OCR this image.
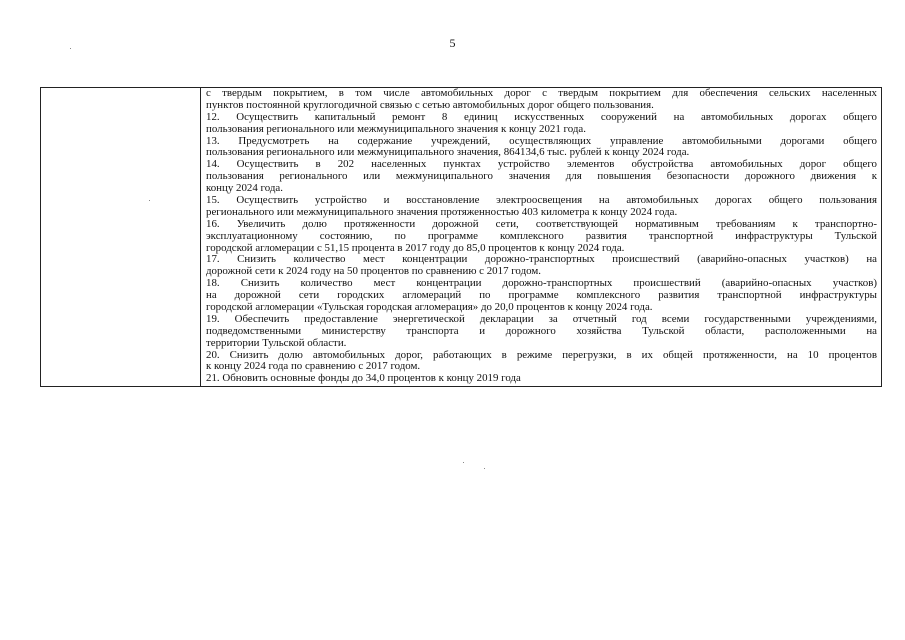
5

с твердым покрытием, в том числе автомобильных дорог с твердым покрытием для обеспечения сельских населенных
пунктов постоянной круглогодичной связью с сетью автомобильных дорог общего пользования.
12. Осуществить капитальный ремонт 8 единиц искусственных сооружений на автомобильных дорогах общего
пользования регионального или межмуниципального значения к концу 2021 года.
13. Предусмотреть на содержание учреждений, осуществляющих управление автомобильными дорогами общего
пользования регионального или межмуниципального значения, 864134,6 тыс. рублей к концу 2024 года.
14. Осуществить в 202 населенных пунктах устройство элементов обустройства автомобильных дорог общего
пользования регионального или межмуниципального значения для повышения безопасности дорожного движения к
концу 2024 года.
15. Осуществить устройство и восстановление электроосвещения на автомобильных дорогах общего пользования
регионального или межмуниципального значения протяженностью 403 километра к концу 2024 года.
16. Увеличить долю протяженности дорожной сети, соответствующей нормативным требованиям к транспортно-
эксплуатационному состоянию, по программе комплексного развития транспортной инфраструктуры Тульской
городской агломерации с 51,15 процента в 2017 году до 85,0 процентов к концу 2024 года.
17. Снизить количество мест концентрации дорожно-транспортных происшествий (аварийно-опасных участков) на
дорожной сети к 2024 году на 50 процентов по сравнению с 2017 годом.
18. Снизить количество мест концентрации дорожно-транспортных происшествий (аварийно-опасных участков)
на дорожной сети городских агломераций по программе комплексного развития транспортной инфраструктуры
городской агломерации «Тульская городская агломерация» до 20,0 процентов к концу 2024 года.
19. Обеспечить предоставление энергетической декларации за отчетный год всеми государственными учреждениями,
подведомственными министерству транспорта и дорожного хозяйства Тульской области, расположенными на
территории Тульской области.
20. Снизить долю автомобильных дорог, работающих в режиме перегрузки, в их общей протяженности, на 10 процентов
к концу 2024 года по сравнению с 2017 годом.
21. Обновить основные фонды до 34,0 процентов к концу 2019 года
